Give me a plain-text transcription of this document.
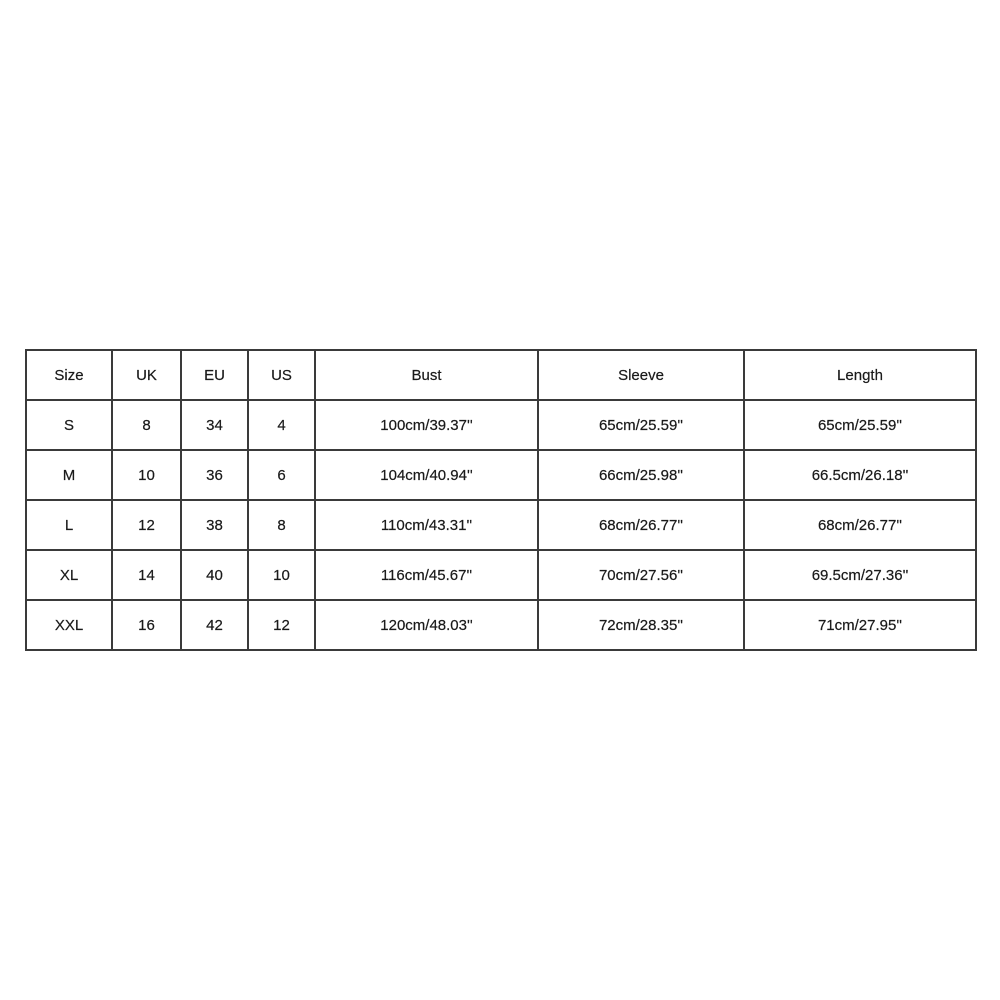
Size	UK	EU	US	Bust	Sleeve	Length
S	8	34	4	100cm/39.37''	65cm/25.59''	65cm/25.59''
M	10	36	6	104cm/40.94''	66cm/25.98''	66.5cm/26.18''
L	12	38	8	110cm/43.31''	68cm/26.77''	68cm/26.77''
XL	14	40	10	116cm/45.67''	70cm/27.56''	69.5cm/27.36''
XXL	16	42	12	120cm/48.03''	72cm/28.35''	71cm/27.95''
